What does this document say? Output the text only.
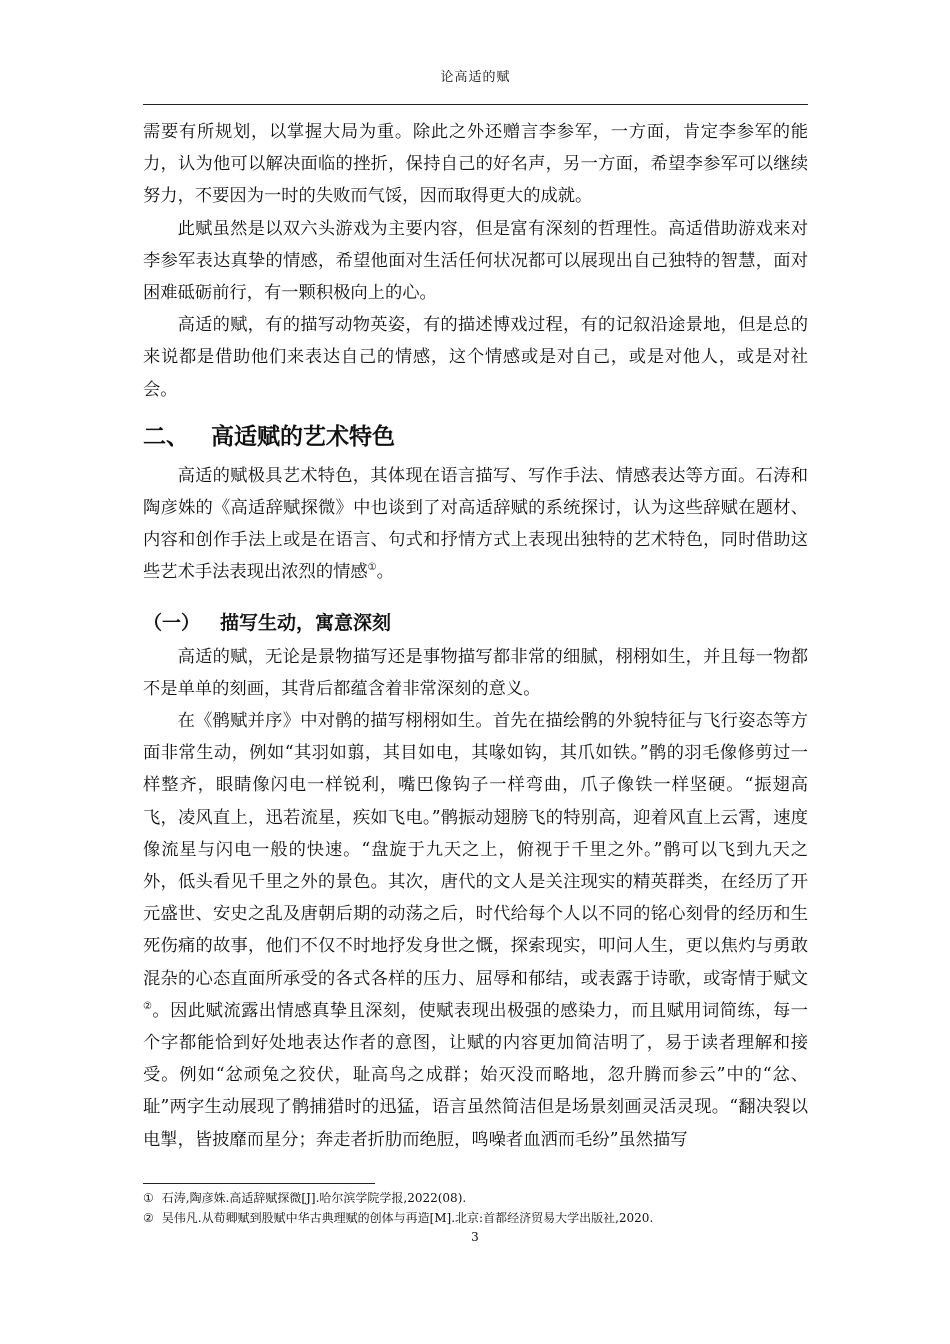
论高适的赋

需要有所规划，以掌握大局为重。除此之外还赠言李参军，一方面，肯定李参军的能力，认为他可以解决面临的挫折，保持自己的好名声，另一方面，希望李参军可以继续努力，不要因为一时的失败而气馁，因而取得更大的成就。

此赋虽然是以双六头游戏为主要内容，但是富有深刻的哲理性。高适借助游戏来对李参军表达真挚的情感，希望他面对生活任何状况都可以展现出自己独特的智慧，面对困难砥砺前行，有一颗积极向上的心。

高适的赋，有的描写动物英姿，有的描述博戏过程，有的记叙沿途景地，但是总的来说都是借助他们来表达自己的情感，这个情感或是对自己，或是对他人，或是对社会。

二、 高适赋的艺术特色

高适的赋极具艺术特色，其体现在语言描写、写作手法、情感表达等方面。石涛和陶彦姝的《高适辞赋探微》中也谈到了对高适辞赋的系统探讨，认为这些辞赋在题材、内容和创作手法上或是在语言、句式和抒情方式上表现出独特的艺术特色，同时借助这些艺术手法表现出浓烈的情感①。

（一） 描写生动，寓意深刻

高适的赋，无论是景物描写还是事物描写都非常的细腻，栩栩如生，并且每一物都不是单单的刻画，其背后都蕴含着非常深刻的意义。

在《鹘赋并序》中对鹘的描写栩栩如生。首先在描绘鹘的外貌特征与飞行姿态等方面非常生动，例如“其羽如翦，其目如电，其喙如钩，其爪如铁。”鹘的羽毛像修剪过一样整齐，眼睛像闪电一样锐利，嘴巴像钩子一样弯曲，爪子像铁一样坚硬。“振翅高飞，凌风直上，迅若流星，疾如飞电。”鹘振动翅膀飞的特别高，迎着风直上云霄，速度像流星与闪电一般的快速。“盘旋于九天之上，俯视于千里之外。”鹘可以飞到九天之外，低头看见千里之外的景色。其次，唐代的文人是关注现实的精英群类，在经历了开元盛世、安史之乱及唐朝后期的动荡之后，时代给每个人以不同的铭心刻骨的经历和生死伤痛的故事，他们不仅不时地抒发身世之慨，探索现实，叩问人生，更以焦灼与勇敢混杂的心态直面所承受的各式各样的压力、屈辱和郁结，或表露于诗歌，或寄情于赋文②。因此赋流露出情感真挚且深刻，使赋表现出极强的感染力，而且赋用词简练，每一个字都能恰到好处地表达作者的意图，让赋的内容更加简洁明了，易于读者理解和接受。例如“忿顽兔之狡伏，耻高鸟之成群；始灭没而略地，忽升腾而参云”中的“忿、耻”两字生动展现了鹘捕猎时的迅猛，语言虽然简洁但是场景刻画灵活灵现。“翻决裂以电掣，皆披靡而星分；奔走者折肋而绝脰，鸣噪者血洒而毛纷”虽然描写

① 石涛,陶彦姝.高适辞赋探微[J].哈尔滨学院学报,2022(08).
② 吴伟凡.从荀卿赋到股赋中华古典理赋的创体与再造[M].北京:首都经济贸易大学出版社,2020.
3
